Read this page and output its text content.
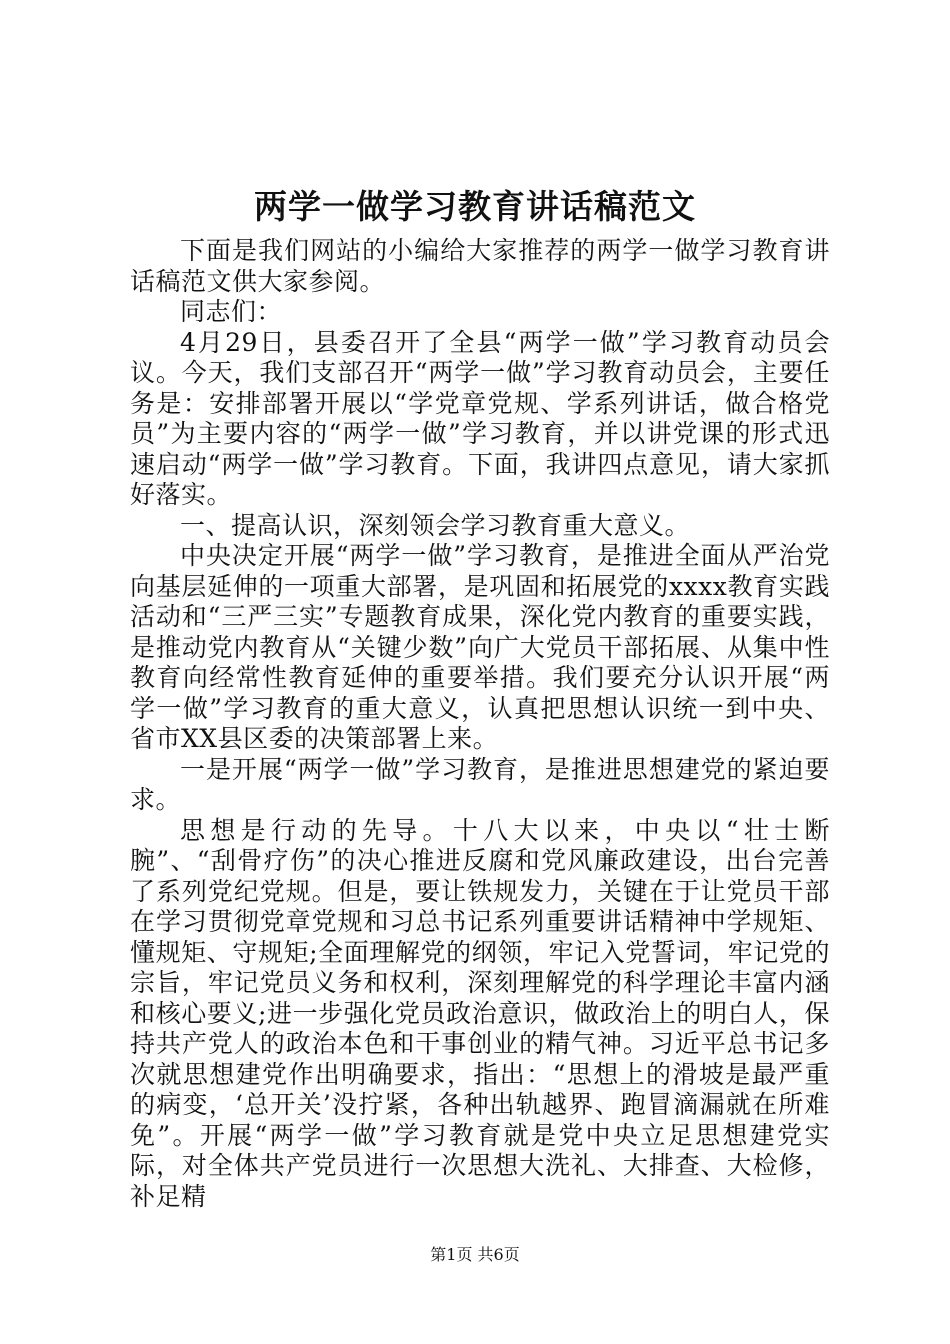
两学一做学习教育讲话稿范文

下面是我们网站的小编给大家推荐的两学一做学习教育讲话稿范文供大家参阅。

同志们：

4月29日，县委召开了全县“两学一做”学习教育动员会议。今天，我们支部召开“两学一做”学习教育动员会，主要任务是：安排部署开展以“学党章党规、学系列讲话，做合格党员”为主要内容的“两学一做”学习教育，并以讲党课的形式迅速启动“两学一做”学习教育。下面，我讲四点意见，请大家抓好落实。

一、提高认识，深刻领会学习教育重大意义。

中央决定开展“两学一做”学习教育，是推进全面从严治党向基层延伸的一项重大部署，是巩固和拓展党的xxxx教育实践活动和“三严三实”专题教育成果，深化党内教育的重要实践，是推动党内教育从“关键少数”向广大党员干部拓展、从集中性教育向经常性教育延伸的重要举措。我们要充分认识开展“两学一做”学习教育的重大意义，认真把思想认识统一到中央、省市XX县区委的决策部署上来。

一是开展“两学一做”学习教育，是推进思想建党的紧迫要求。

思想是行动的先导。十八大以来，中央以“壮士断腕”、“刮骨疗伤”的决心推进反腐和党风廉政建设，出台完善了系列党纪党规。但是，要让铁规发力，关键在于让党员干部在学习贯彻党章党规和习总书记系列重要讲话精神中学规矩、懂规矩、守规矩;全面理解党的纲领，牢记入党誓词，牢记党的宗旨，牢记党员义务和权利，深刻理解党的科学理论丰富内涵和核心要义;进一步强化党员政治意识，做政治上的明白人，保持共产党人的政治本色和干事创业的精气神。习近平总书记多次就思想建党作出明确要求，指出：“思想上的滑坡是最严重的病变，‘总开关’没拧紧，各种出轨越界、跑冒滴漏就在所难免”。开展“两学一做”学习教育就是党中央立足思想建党实际，对全体共产党员进行一次思想大洗礼、大排查、大检修，补足精

第1页 共6页
